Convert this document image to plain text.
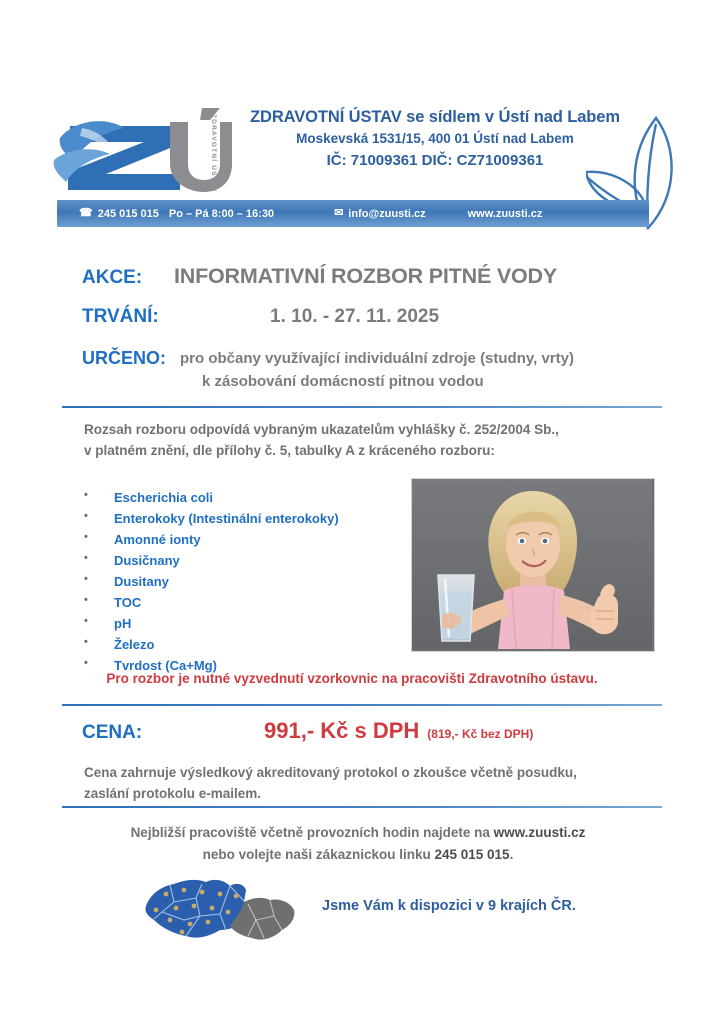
ZDRAVOTNÍ ÚSTAV	ZDRAVOTNÍ ÚSTAV se sídlem v Ústí nad Labem
Moskevská 1531/15, 400 01 Ústí nad Labem
IČ: 71009361 DIČ: CZ71009361
☎ 245 015 015 Po – Pá 8:00 – 16:30	✉ info@zuusti.cz	www.zuusti.cz
AKCE:	INFORMATIVNÍ ROZBOR PITNÉ VODY
TRVÁNÍ:	1. 10. - 27. 11. 2025
URČENO: pro občany využívající individuální zdroje (studny, vrty)
k zásobování domácností pitnou vodou
Rozsah rozboru odpovídá vybraným ukazatelům vyhlášky č. 252/2004 Sb.,
v platném znění, dle přílohy č. 5, tabulky A z kráceného rozboru:
• Escherichia coli
• Enterokoky (Intestinální enterokoky)
• Amonné ionty
• Dusičnany
• Dusitany
• TOC
• pH
• Železo
• Tvrdost (Ca+Mg)
Pro rozbor je nutné vyzvednutí vzorkovnic na pracovišti Zdravotního ústavu.
CENA:	991,- Kč s DPH (819,- Kč bez DPH)
Cena zahrnuje výsledkový akreditovaný protokol o zkoušce včetně posudku,
zaslání protokolu e-mailem.
Nejbližší pracoviště včetně provozních hodin najdete na www.zuusti.cz
nebo volejte naši zákaznickou linku 245 015 015.
Jsme Vám k dispozici v 9 krajích ČR.
